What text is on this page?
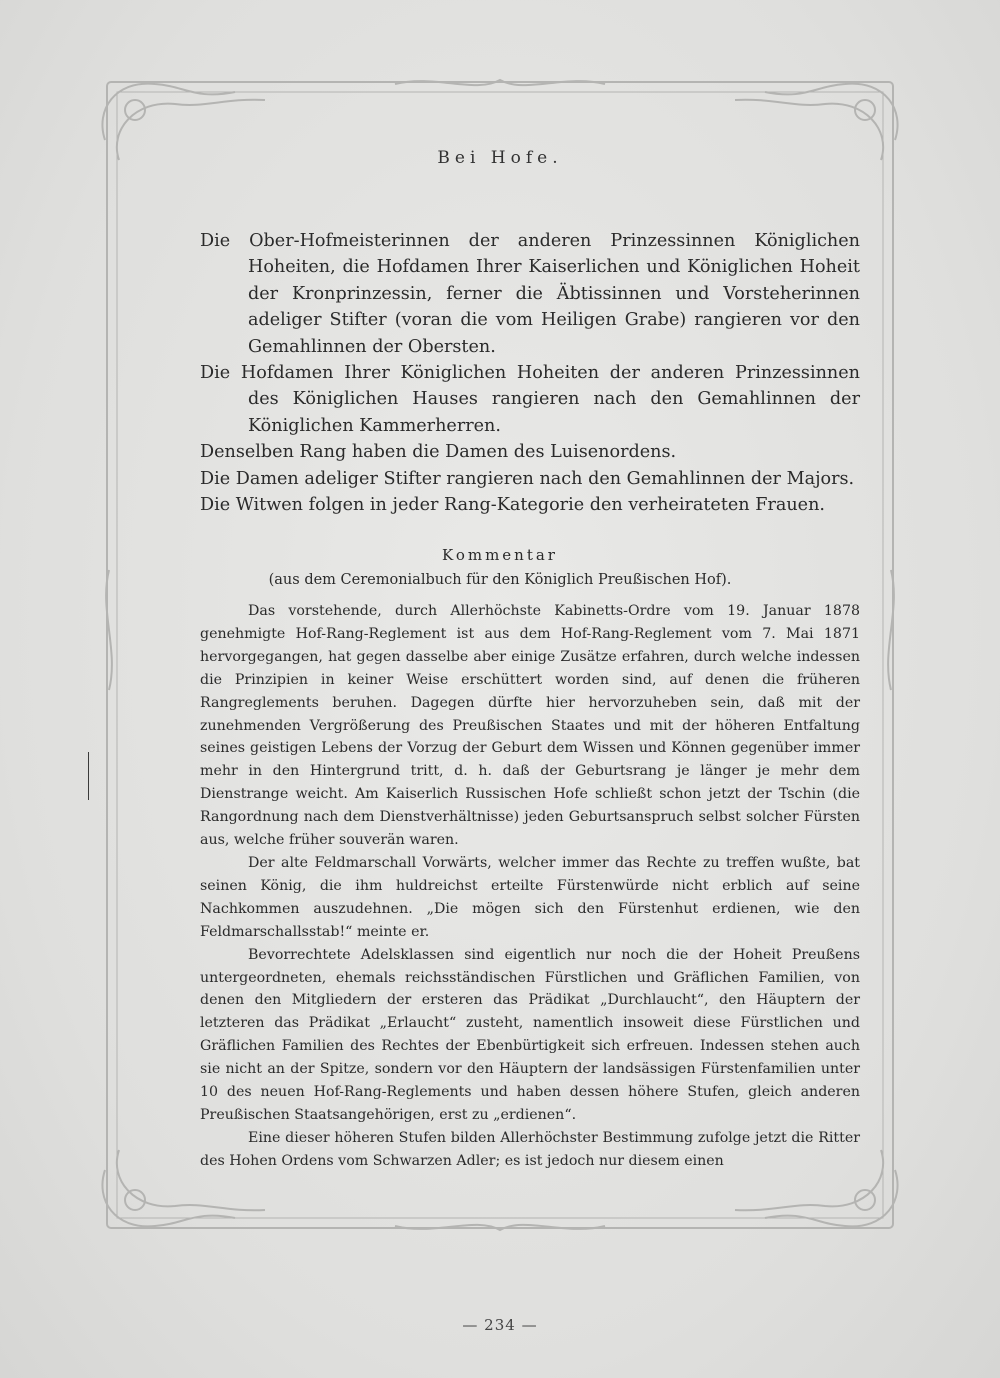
Bei Hofe.

Die Ober-Hofmeisterinnen der anderen Prinzessinnen Königlichen Hoheiten, die Hofdamen Ihrer Kaiserlichen und Königlichen Hoheit der Kronprinzessin, ferner die Äbtissinnen und Vorsteherinnen adeliger Stifter (voran die vom Heiligen Grabe) rangieren vor den Gemahlinnen der Obersten.

Die Hofdamen Ihrer Königlichen Hoheiten der anderen Prinzessinnen des Königlichen Hauses rangieren nach den Gemahlinnen der Königlichen Kammerherren.

Denselben Rang haben die Damen des Luisenordens.

Die Damen adeliger Stifter rangieren nach den Gemahlinnen der Majors.

Die Witwen folgen in jeder Rang-Kategorie den verheirateten Frauen.

Kommentar
(aus dem Ceremonialbuch für den Königlich Preußischen Hof).

Das vorstehende, durch Allerhöchste Kabinetts-Ordre vom 19. Januar 1878 genehmigte Hof-Rang-Reglement ist aus dem Hof-Rang-Reglement vom 7. Mai 1871 hervorgegangen, hat gegen dasselbe aber einige Zusätze erfahren, durch welche indessen die Prinzipien in keiner Weise erschüttert worden sind, auf denen die früheren Rangreglements beruhen. Dagegen dürfte hier hervorzuheben sein, daß mit der zunehmenden Vergrößerung des Preußischen Staates und mit der höheren Entfaltung seines geistigen Lebens der Vorzug der Geburt dem Wissen und Können gegenüber immer mehr in den Hintergrund tritt, d. h. daß der Geburtsrang je länger je mehr dem Dienstrange weicht. Am Kaiserlich Russischen Hofe schließt schon jetzt der Tschin (die Rangordnung nach dem Dienstverhältnisse) jeden Geburtsanspruch selbst solcher Fürsten aus, welche früher souverän waren.

Der alte Feldmarschall Vorwärts, welcher immer das Rechte zu treffen wußte, bat seinen König, die ihm huldreichst erteilte Fürstenwürde nicht erblich auf seine Nachkommen auszudehnen. „Die mögen sich den Fürstenhut erdienen, wie den Feldmarschallsstab!“ meinte er.

Bevorrechtete Adelsklassen sind eigentlich nur noch die der Hoheit Preußens untergeordneten, ehemals reichsständischen Fürstlichen und Gräflichen Familien, von denen den Mitgliedern der ersteren das Prädikat „Durchlaucht“, den Häuptern der letzteren das Prädikat „Erlaucht“ zusteht, namentlich insoweit diese Fürstlichen und Gräflichen Familien des Rechtes der Ebenbürtigkeit sich erfreuen. Indessen stehen auch sie nicht an der Spitze, sondern vor den Häuptern der landsässigen Fürstenfamilien unter 10 des neuen Hof-Rang-Reglements und haben dessen höhere Stufen, gleich anderen Preußischen Staatsangehörigen, erst zu „erdienen“.

Eine dieser höheren Stufen bilden Allerhöchster Bestimmung zufolge jetzt die Ritter des Hohen Ordens vom Schwarzen Adler; es ist jedoch nur diesem einen

— 234 —
